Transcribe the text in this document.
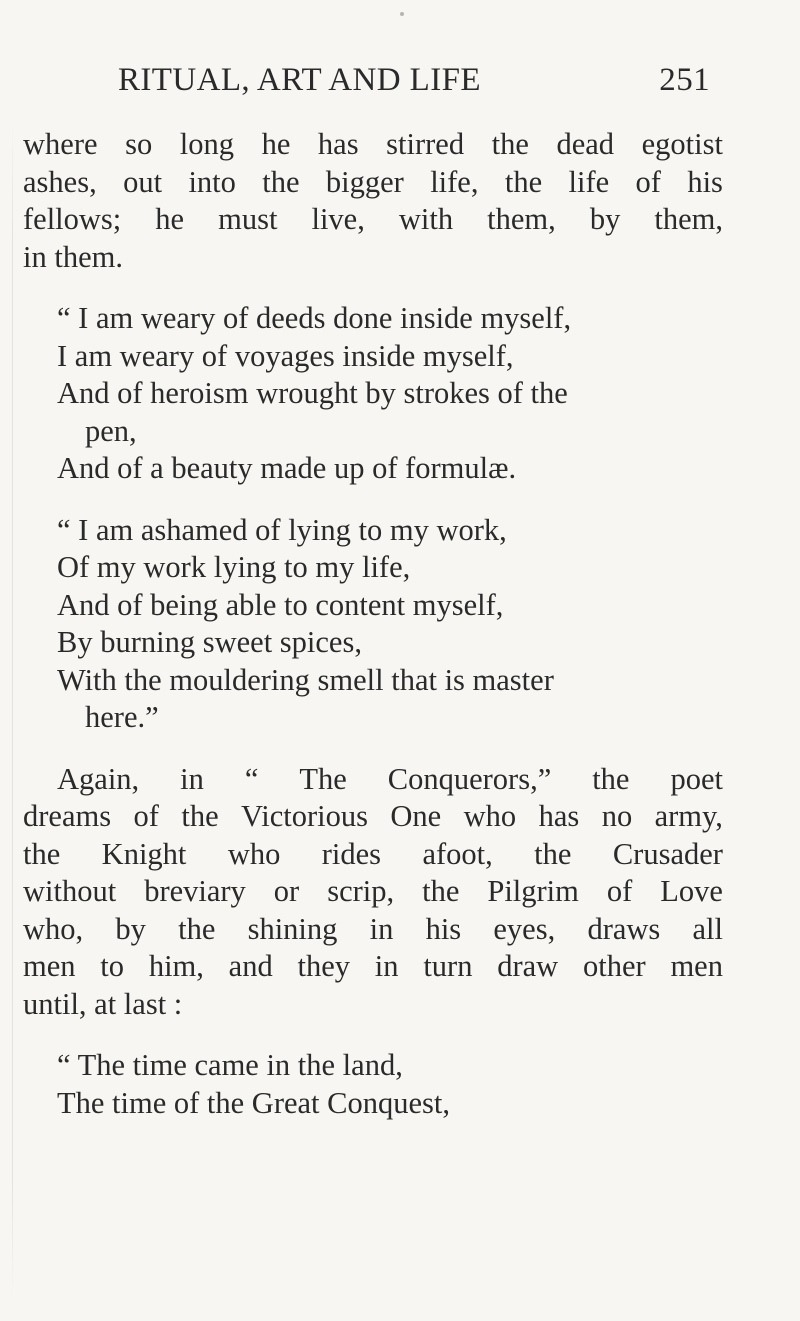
RITUAL, ART AND LIFE	251
where so long he has stirred the dead egotist
ashes, out into the bigger life, the life of his
fellows; he must live, with them, by them,
in them.
“ I am weary of deeds done inside myself,
I am weary of voyages inside myself,
And of heroism wrought by strokes of the
pen,
And of a beauty made up of formulæ.
“ I am ashamed of lying to my work,
Of my work lying to my life,
And of being able to content myself,
By burning sweet spices,
With the mouldering smell that is master
here.”
Again, in “ The Conquerors,” the poet
dreams of the Victorious One who has no army,
the Knight who rides afoot, the Crusader
without breviary or scrip, the Pilgrim of Love
who, by the shining in his eyes, draws all
men to him, and they in turn draw other men
until, at last :
“ The time came in the land,
The time of the Great Conquest,
